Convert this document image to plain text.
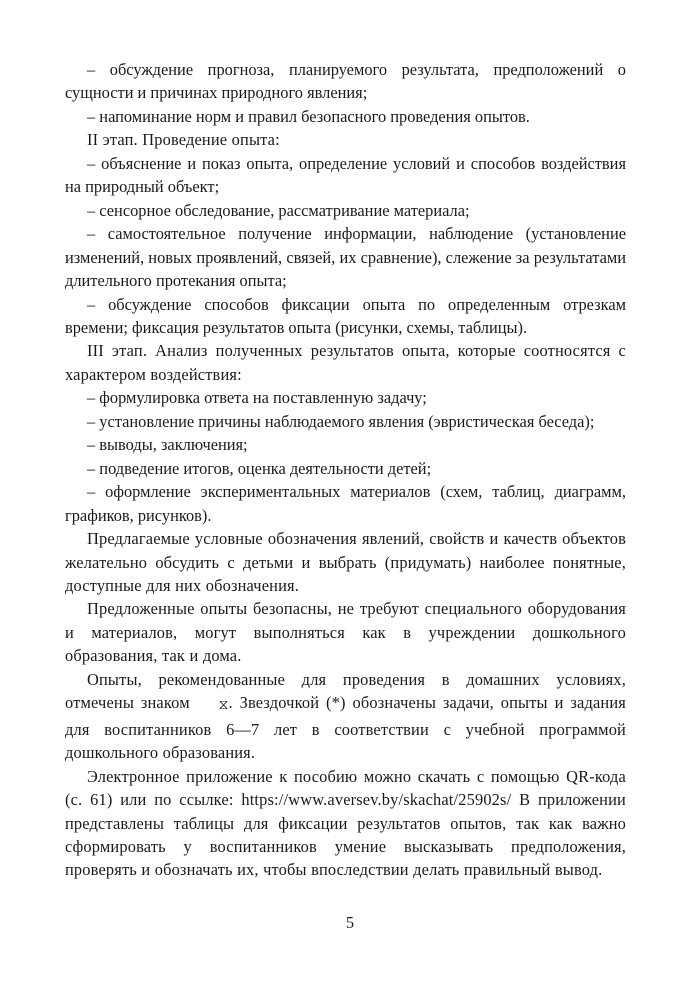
– обсуждение прогноза, планируемого результата, предположений о сущности и причинах природного явления;

– напоминание норм и правил безопасного проведения опытов.

II этап. Проведение опыта:

– объяснение и показ опыта, определение условий и способов воздействия на природный объект;

– сенсорное обследование, рассматривание материала;

– самостоятельное получение информации, наблюдение (установление изменений, новых проявлений, связей, их сравнение), слежение за результатами длительного протекания опыта;

– обсуждение способов фиксации опыта по определенным отрезкам времени; фиксация результатов опыта (рисунки, схемы, таблицы).

III этап. Анализ полученных результатов опыта, которые соотносятся с характером воздействия:

– формулировка ответа на поставленную задачу;

– установление причины наблюдаемого явления (эвристическая беседа);

– выводы, заключения;

– подведение итогов, оценка деятельности детей;

– оформление экспериментальных материалов (схем, таблиц, диаграмм, графиков, рисунков).

Предлагаемые условные обозначения явлений, свойств и качеств объектов желательно обсудить с детьми и выбрать (придумать) наиболее понятные, доступные для них обозначения.

Предложенные опыты безопасны, не требуют специального оборудования и материалов, могут выполняться как в учреждении дошкольного образования, так и дома.

Опыты, рекомендованные для проведения в домашних условиях, отмечены знаком ⧖. Звездочкой (*) обозначены задачи, опыты и задания для воспитанников 6—7 лет в соответствии с учебной программой дошкольного образования.

Электронное приложение к пособию можно скачать с помощью QR-кода (с. 61) или по ссылке: https://www.aversev.by/skachat/25902s/ В приложении представлены таблицы для фиксации результатов опытов, так как важно сформировать у воспитанников умение высказывать предположения, проверять и обозначать их, чтобы впоследствии делать правильный вывод.

5
